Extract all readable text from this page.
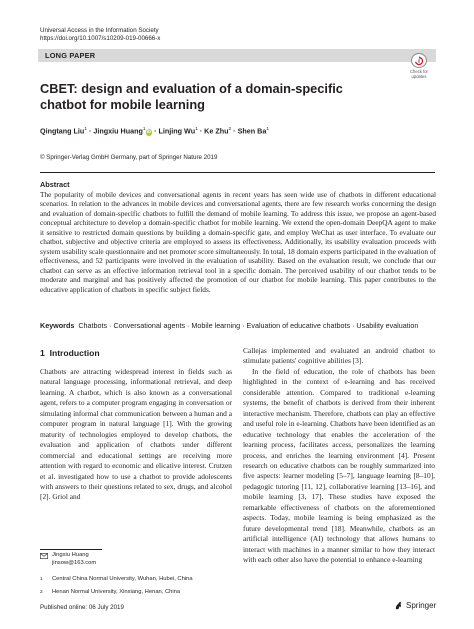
Universal Access in the Information Society
https://doi.org/10.1007/s10209-019-00666-x
LONG PAPER
Check for
updates
CBET: design and evaluation of a domain-specific chatbot for mobile learning
Qingtang Liu$^1$ · Jingxiu Huang$^1$iD · Linjing $Wu^1 \cdot Ke$ Zhu$^2$ · Shen Ba$^1$
© Springer-Verlag GmbH Germany, part of Springer Nature 2019
Abstract
The popularity of mobile devices and conversational agents in recent years has seen wide use of chatbots in different educational scenarios. In relation to the advances in mobile devices and conversational agents, there are few research works concerning the design and evaluation of domain-specific chatbots to fulfill the demand of mobile learning. To address this issue, we propose an agent-based conceptual architecture to develop a domain-specific chatbot for mobile learning. We extend the open-domain DeepQA agent to make it sensitive to restricted domain questions by building a domain-specific gate, and employ WeChat as user interface. To evaluate our chatbot, subjective and objective criteria are employed to assess its effectiveness. Additionally, its usability evaluation proceeds with system usability scale questionnaire and net promoter score simultaneously. In total, 18 domain experts participated in the evaluation of effectiveness, and 52 participants were involved in the evaluation of usability. Based on the evaluation result, we conclude that our chatbot can serve as an effective information retrieval tool in a specific domain. The perceived usability of our chatbot tends to be moderate and marginal and has positively affected the promotion of our chatbot for mobile learning. This paper contributes to the educative application of chatbots in specific subject fields.
Keywords Chatbots · Conversational agents · Mobile learning · Evaluation of educative chatbots · Usability evaluation
1 Introduction

Chatbots are attracting widespread interest in fields such as natural language processing, informational retrieval, and deep learning. A chatbot, which is also known as a conversational agent, refers to a computer program engaging in conversation or simulating informal chat communication between a human and a computer program in natural language [1]. With the growing maturity of technologies employed to develop chatbots, the evaluation and application of chatbots under different commercial and educational settings are receiving more attention with regard to economic and elicative interest. Crutzen et al. investigated how to use a chatbot to provide adolescents with answers to their questions related to sex, drugs, and alcohol [2]. Griol and

Callejas implemented and evaluated an android chatbot to stimulate patients' cognitive abilities [3].

In the field of education, the role of chatbots has been highlighted in the context of e-learning and has received considerable attention. Compared to traditional e-learning systems, the benefit of chatbots is derived from their inherent interactive mechanism. Therefore, chatbots can play an effective and useful role in e-learning. Chatbots have been identified as an educative technology that enables the acceleration of the learning process, facilitates access, personalizes the learning process, and enriches the learning environment [4]. Present research on educative chatbots can be roughly summarized into five aspects: learner modeling [5–7], language learning [8–10], pedagogic tutoring [11, 12], collaborative learning [13–16], and mobile learning [3, 17]. These studies have exposed the remarkable effectiveness of chatbots on the aforementioned aspects. Today, mobile learning is being emphasized as the future developmental trend [18]. Meanwhile, chatbots as an artificial intelligence (AI) technology that allows humans to interact with machines in a manner similar to how they interact with each other also have the potential to enhance e-learning

Jingxiu Huang
jinsow@163.com
$^1$ Central China Normal University, Wuhan, Hubei, China
$^2$ Henan Normal University, Xinxiang, Henan, China
Published online: 06 July 2019	Springer
